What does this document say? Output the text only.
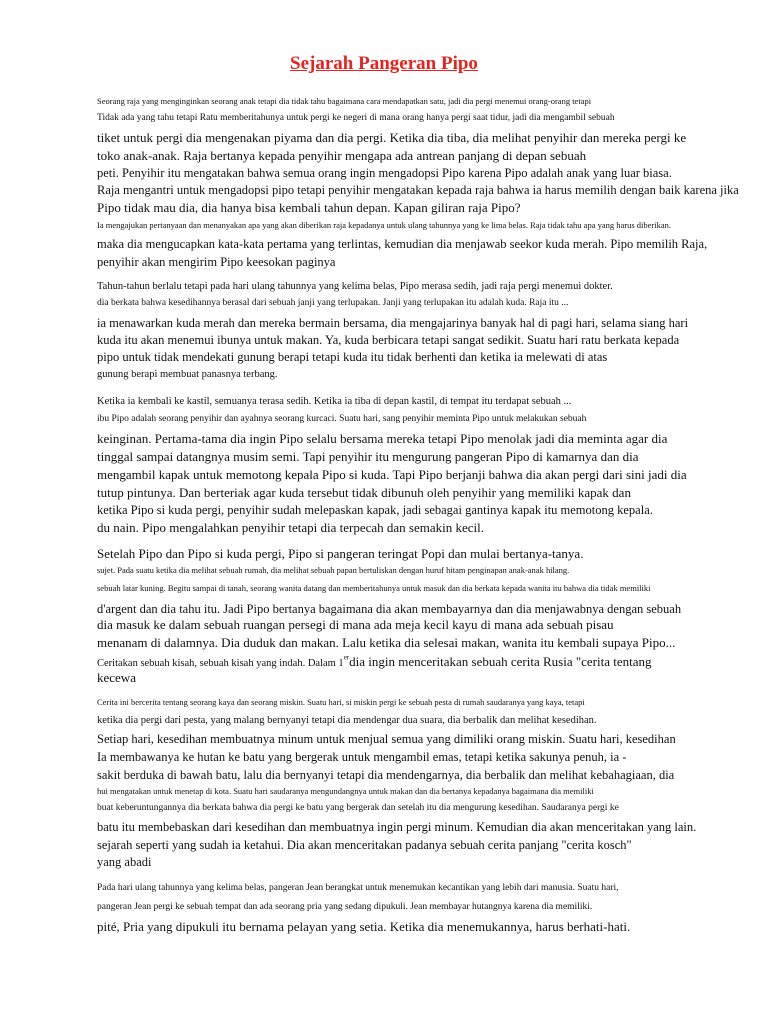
Sejarah Pangeran Pipo

Seorang raja yang menginginkan seorang anak tetapi dia tidak tahu bagaimana cara mendapatkan satu, jadi dia pergi menemui orang-orang tetapi

Tidak ada yang tahu tetapi Ratu memberitahunya untuk pergi ke negeri di mana orang hanya pergi saat tidur, jadi dia mengambil sebuah

tiket untuk pergi dia mengenakan piyama dan dia pergi. Ketika dia tiba, dia melihat penyihir dan mereka pergi ke

toko anak-anak. Raja bertanya kepada penyihir mengapa ada antrean panjang di depan sebuah

peti. Penyihir itu mengatakan bahwa semua orang ingin mengadopsi Pipo karena Pipo adalah anak yang luar biasa.

Raja mengantri untuk mengadopsi pipo tetapi penyihir mengatakan kepada raja bahwa ia harus memilih dengan baik karena jika

Pipo tidak mau dia, dia hanya bisa kembali tahun depan. Kapan giliran raja Pipo?

Ia mengajukan pertanyaan dan menanyakan apa yang akan diberikan raja kepadanya untuk ulang tahunnya yang ke lima belas. Raja tidak tahu apa yang harus diberikan.

maka dia mengucapkan kata-kata pertama yang terlintas, kemudian dia menjawab seekor kuda merah. Pipo memilih Raja,

penyihir akan mengirim Pipo keesokan paginya

Tahun-tahun berlalu tetapi pada hari ulang tahunnya yang kelima belas, Pipo merasa sedih, jadi raja pergi menemui dokter.

dia berkata bahwa kesedihannya berasal dari sebuah janji yang terlupakan. Janji yang terlupakan itu adalah kuda. Raja itu ...

ia menawarkan kuda merah dan mereka bermain bersama, dia mengajarinya banyak hal di pagi hari, selama siang hari

kuda itu akan menemui ibunya untuk makan. Ya, kuda berbicara tetapi sangat sedikit. Suatu hari ratu berkata kepada

pipo untuk tidak mendekati gunung berapi tetapi kuda itu tidak berhenti dan ketika ia melewati di atas

gunung berapi membuat panasnya terbang.

Ketika ia kembali ke kastil, semuanya terasa sedih. Ketika ia tiba di depan kastil, di tempat itu terdapat sebuah ...

ibu Pipo adalah seorang penyihir dan ayahnya seorang kurcaci. Suatu hari, sang penyihir meminta Pipo untuk melakukan sebuah

keinginan. Pertama-tama dia ingin Pipo selalu bersama mereka tetapi Pipo menolak jadi dia meminta agar dia

tinggal sampai datangnya musim semi. Tapi penyihir itu mengurung pangeran Pipo di kamarnya dan dia

mengambil kapak untuk memotong kepala Pipo si kuda. Tapi Pipo berjanji bahwa dia akan pergi dari sini jadi dia

tutup pintunya. Dan berteriak agar kuda tersebut tidak dibunuh oleh penyihir yang memiliki kapak dan

ketika Pipo si kuda pergi, penyihir sudah melepaskan kapak, jadi sebagai gantinya kapak itu memotong kepala.

du nain. Pipo mengalahkan penyihir tetapi dia terpecah dan semakin kecil.

Setelah Pipo dan Pipo si kuda pergi, Pipo si pangeran teringat Popi dan mulai bertanya-tanya.

sujet. Pada suatu ketika dia melihat sebuah rumah, dia melihat sebuah papan bertuliskan dengan huruf hitam penginapan anak-anak hilang.

sebuah latar kuning. Begitu sampai di tanah, seorang wanita datang dan memberitahunya untuk masuk dan dia berkata kepada wanita itu bahwa dia tidak memiliki

d'argent dan dia tahu itu. Jadi Pipo bertanya bagaimana dia akan membayarnya dan dia menjawabnya dengan sebuah

dia masuk ke dalam sebuah ruangan persegi di mana ada meja kecil kayu di mana ada sebuah pisau

menanam di dalamnya. Dia duduk dan makan. Lalu ketika dia selesai makan, wanita itu kembali supaya Pipo...

Ceritakan sebuah kisah, sebuah kisah yang indah. Dalam 1erdia ingin menceritakan sebuah cerita Rusia "cerita tentang

kecewa

Cerita ini bercerita tentang seorang kaya dan seorang miskin. Suatu hari, si miskin pergi ke sebuah pesta di rumah saudaranya yang kaya, tetapi

ketika dia pergi dari pesta, yang malang bernyanyi tetapi dia mendengar dua suara, dia berbalik dan melihat kesedihan.

Setiap hari, kesedihan membuatnya minum untuk menjual semua yang dimiliki orang miskin. Suatu hari, kesedihan

Ia membawanya ke hutan ke batu yang bergerak untuk mengambil emas, tetapi ketika sakunya penuh, ia -

sakit berduka di bawah batu, lalu dia bernyanyi tetapi dia mendengarnya, dia berbalik dan melihat kebahagiaan, dia

hui mengatakan untuk menetap di kota. Suatu hari saudaranya mengundangnya untuk makan dan dia bertanya kepadanya bagaimana dia memiliki

buat keberuntungannya dia berkata bahwa dia pergi ke batu yang bergerak dan setelah itu dia mengurung kesedihan. Saudaranya pergi ke

batu itu membebaskan dari kesedihan dan membuatnya ingin pergi minum. Kemudian dia akan menceritakan yang lain.

sejarah seperti yang sudah ia ketahui. Dia akan menceritakan padanya sebuah cerita panjang "cerita kosch"

yang abadi

Pada hari ulang tahunnya yang kelima belas, pangeran Jean berangkat untuk menemukan kecantikan yang lebih dari manusia. Suatu hari,

pangeran Jean pergi ke sebuah tempat dan ada seorang pria yang sedang dipukuli. Jean membayar hutangnya karena dia memiliki.

pité, Pria yang dipukuli itu bernama pelayan yang setia. Ketika dia menemukannya, harus berhati-hati.
